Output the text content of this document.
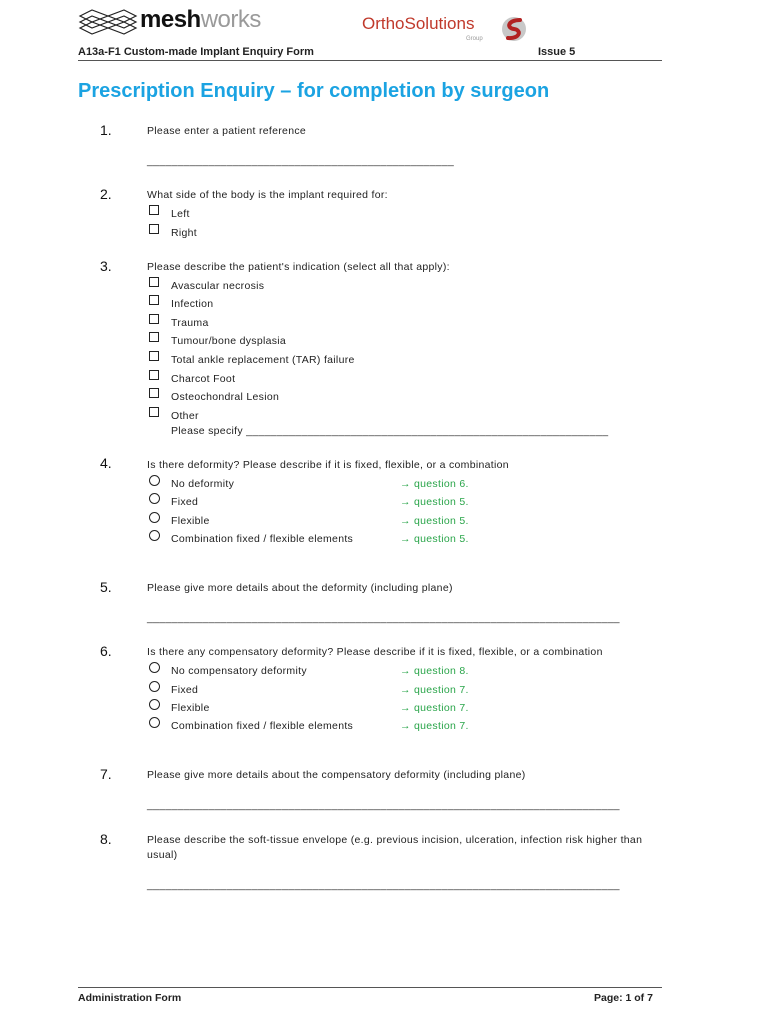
meshworks	OrthoSolutions
Group
A13a-F1 Custom-made Implant Enquiry Form	Issue 5
Prescription Enquiry – for completion by surgeon
1.	Please enter a patient reference
__________________________________________________
2.	What side of the body is the implant required for:
Left
Right
3.	Please describe the patient's indication (select all that apply):
Avascular necrosis
Infection
Trauma
Tumour/bone dysplasia
Total ankle replacement (TAR) failure
Charcot Foot
Osteochondral Lesion
Other
Please specify ___________________________________________________________
4.	Is there deformity? Please describe if it is fixed, flexible, or a combination
No deformity	→ question 6.
Fixed	→ question 5.
Flexible	→ question 5.
Combination fixed / flexible elements	→ question 5.
5.	Please give more details about the deformity (including plane)
_____________________________________________________________________________
6.	Is there any compensatory deformity? Please describe if it is fixed, flexible, or a combination
No compensatory deformity	→ question 8.
Fixed	→ question 7.
Flexible	→ question 7.
Combination fixed / flexible elements	→ question 7.
7.	Please give more details about the compensatory deformity (including plane)
_____________________________________________________________________________
8.	Please describe the soft-tissue envelope (e.g. previous incision, ulceration, infection risk higher than
usual)
_____________________________________________________________________________
Administration Form	Page: 1 of 7
